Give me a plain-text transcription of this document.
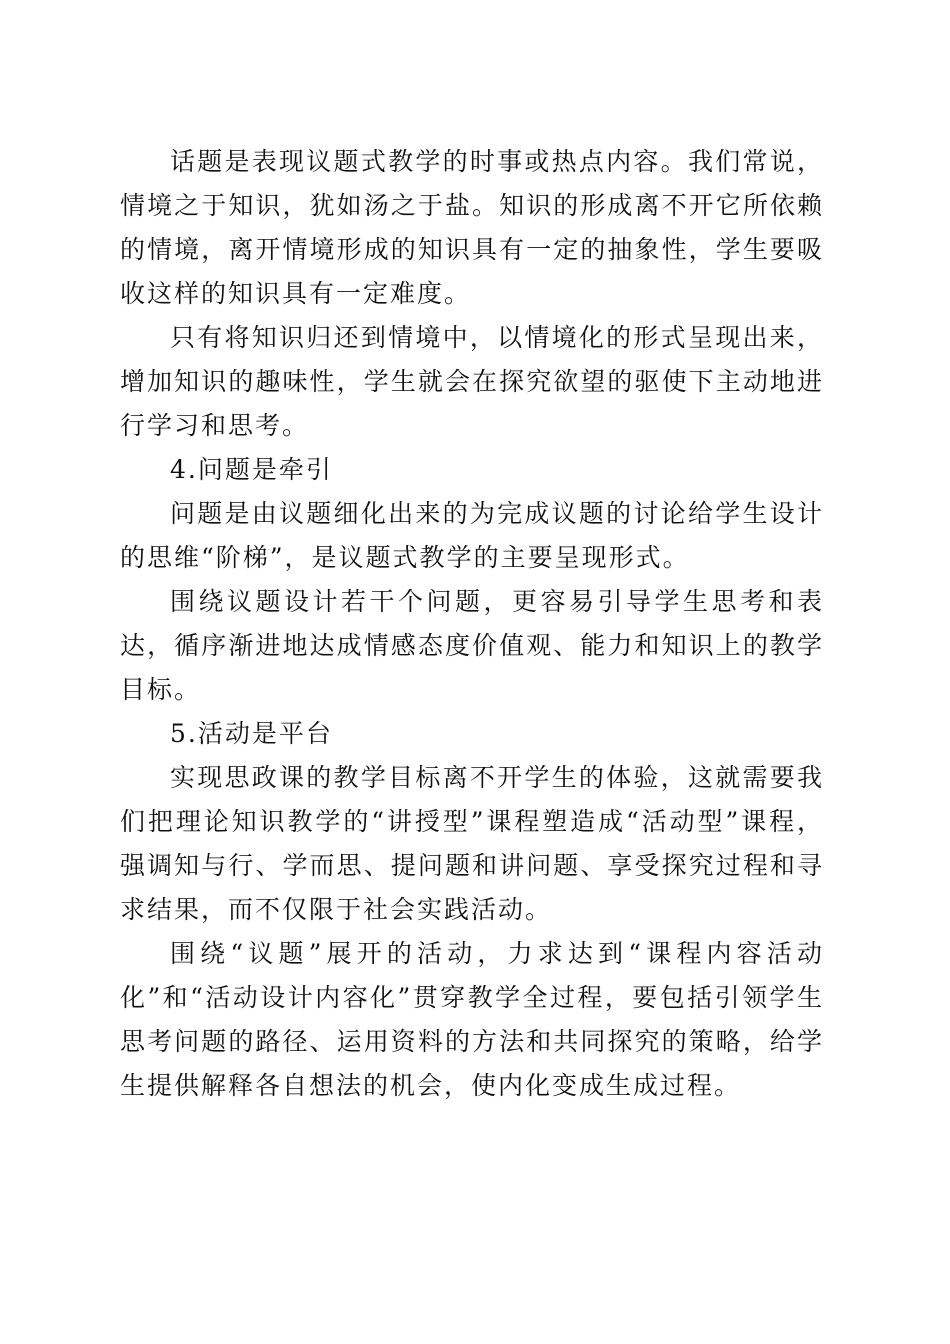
话题是表现议题式教学的时事或热点内容。我们常说，情境之于知识，犹如汤之于盐。知识的形成离不开它所依赖的情境，离开情境形成的知识具有一定的抽象性，学生要吸收这样的知识具有一定难度。

只有将知识归还到情境中，以情境化的形式呈现出来，增加知识的趣味性，学生就会在探究欲望的驱使下主动地进行学习和思考。

4.问题是牵引

问题是由议题细化出来的为完成议题的讨论给学生设计的思维“阶梯”，是议题式教学的主要呈现形式。

围绕议题设计若干个问题，更容易引导学生思考和表达，循序渐进地达成情感态度价值观、能力和知识上的教学目标。

5.活动是平台

实现思政课的教学目标离不开学生的体验，这就需要我们把理论知识教学的“讲授型”课程塑造成“活动型”课程，强调知与行、学而思、提问题和讲问题、享受探究过程和寻求结果，而不仅限于社会实践活动。

围绕“议题”展开的活动，力求达到“课程内容活动化”和“活动设计内容化”贯穿教学全过程，要包括引领学生思考问题的路径、运用资料的方法和共同探究的策略，给学生提供解释各自想法的机会，使内化变成生成过程。
